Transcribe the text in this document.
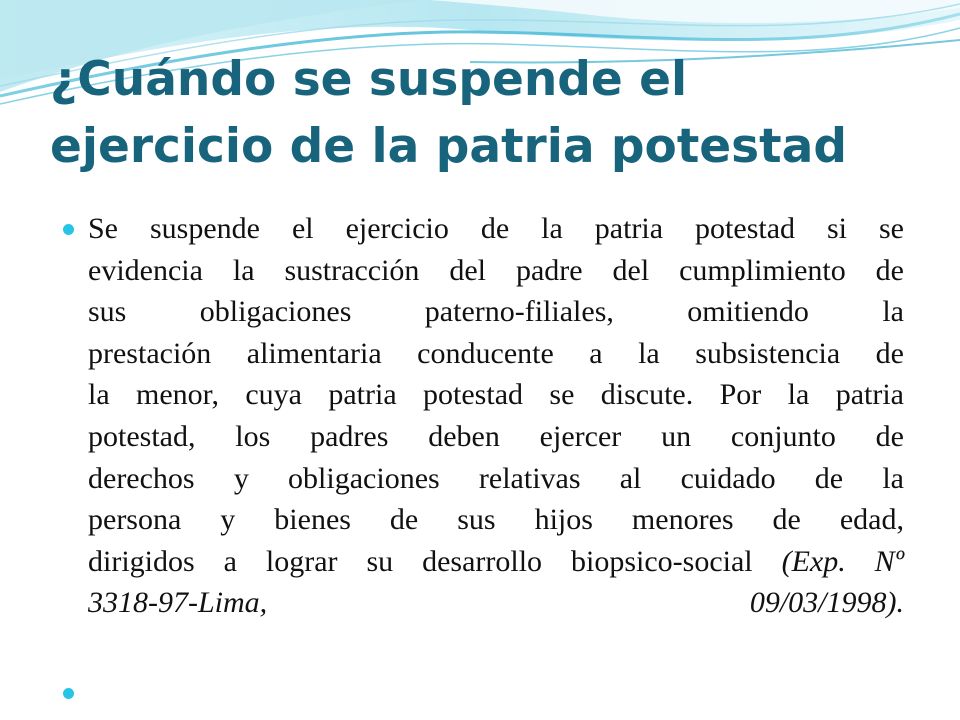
¿Cuándo se suspende el
ejercicio de la patria potestad
Se suspende el ejercicio de la patria potestad si se
evidencia la sustracción del padre del cumplimiento de
sus obligaciones paterno-filiales, omitiendo la
prestación alimentaria conducente a la subsistencia de
la menor, cuya patria potestad se discute. Por la patria
potestad, los padres deben ejercer un conjunto de
derechos y obligaciones relativas al cuidado de la
persona y bienes de sus hijos menores de edad,
dirigidos a lograr su desarrollo biopsico-social (Exp. Nº
3318-97-Lima,	09/03/1998).
